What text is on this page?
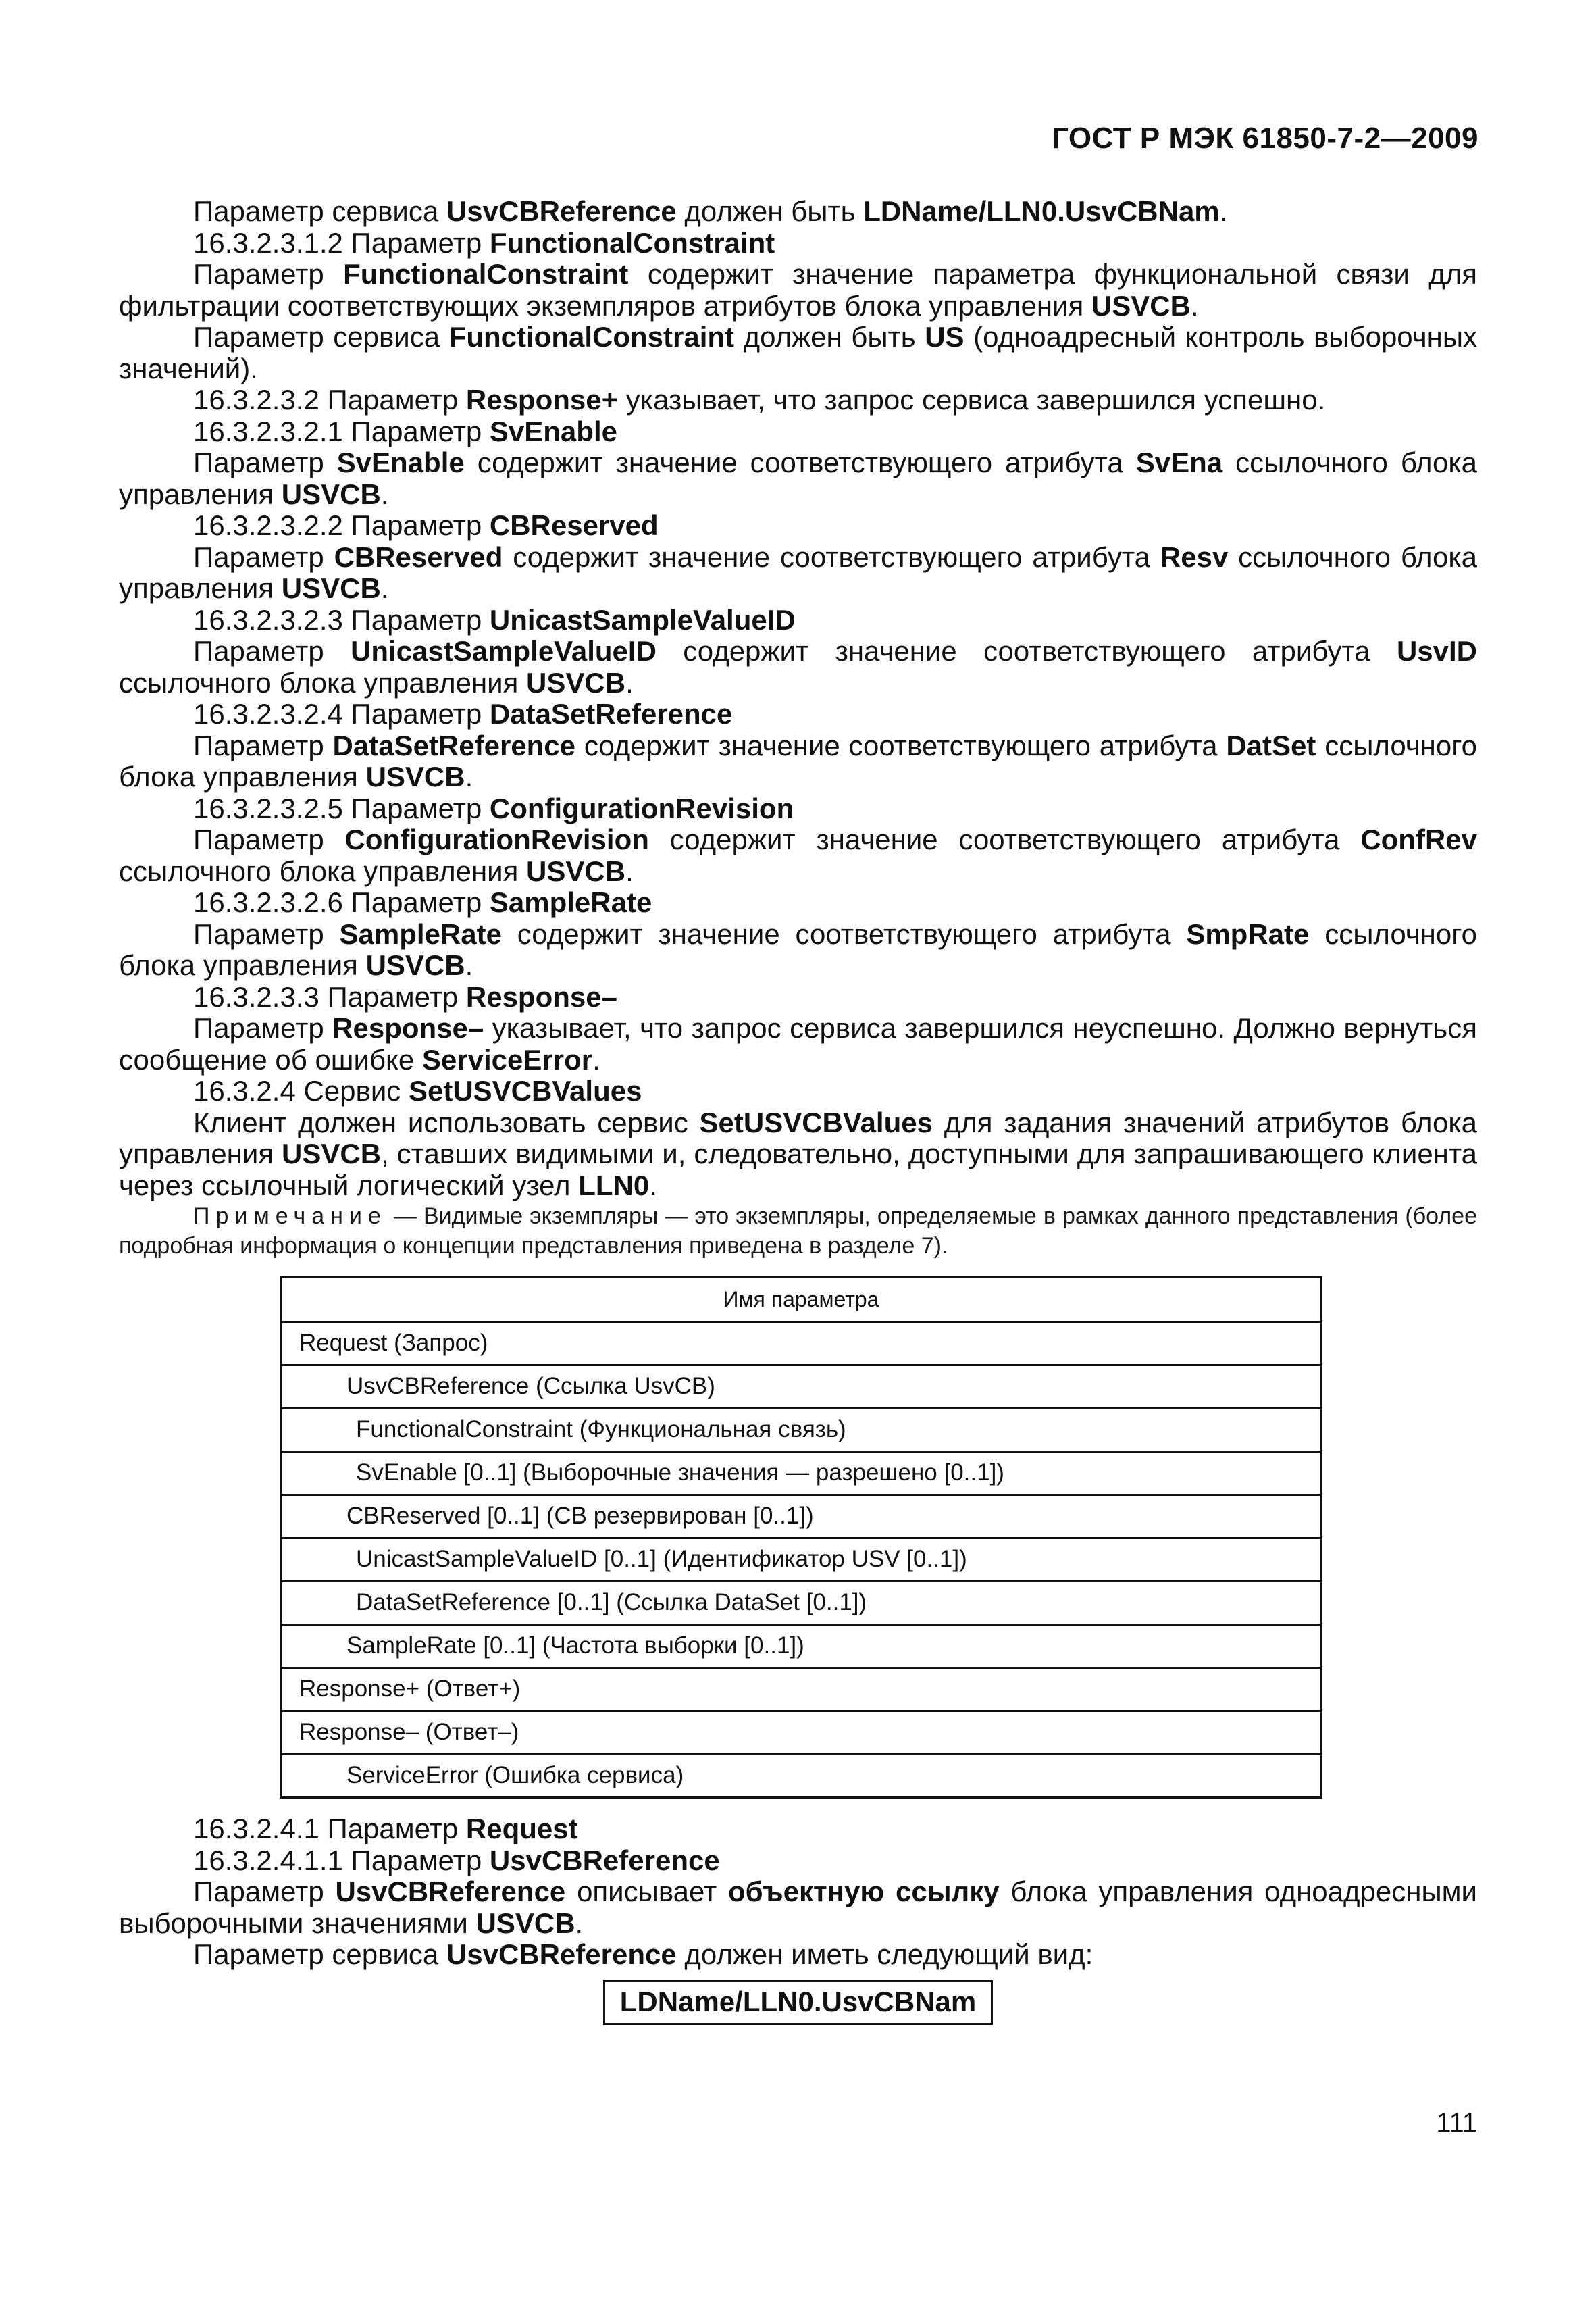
ГОСТ Р МЭК 61850-7-2—2009

Параметр сервиса UsvCBReference должен быть LDName/LLN0.UsvCBNam.

16.3.2.3.1.2 Параметр FunctionalConstraint

Параметр FunctionalConstraint содержит значение параметра функциональной связи для фильтрации соответствующих экземпляров атрибутов блока управления USVCB.

Параметр сервиса FunctionalConstraint должен быть US (одноадресный контроль выборочных значений).

16.3.2.3.2 Параметр Response+ указывает, что запрос сервиса завершился успешно.

16.3.2.3.2.1 Параметр SvEnable

Параметр SvEnable содержит значение соответствующего атрибута SvEna ссылочного блока управления USVCB.

16.3.2.3.2.2 Параметр CBReserved

Параметр CBReserved содержит значение соответствующего атрибута Resv ссылочного блока управления USVCB.

16.3.2.3.2.3 Параметр UnicastSampleValueID

Параметр UnicastSampleValueID содержит значение соответствующего атрибута UsvID ссылочного блока управления USVCB.

16.3.2.3.2.4 Параметр DataSetReference

Параметр DataSetReference содержит значение соответствующего атрибута DatSet ссылочного блока управления USVCB.

16.3.2.3.2.5 Параметр ConfigurationRevision

Параметр ConfigurationRevision содержит значение соответствующего атрибута ConfRev ссылочного блока управления USVCB.

16.3.2.3.2.6 Параметр SampleRate

Параметр SampleRate содержит значение соответствующего атрибута SmpRate ссылочного блока управления USVCB.

16.3.2.3.3 Параметр Response–

Параметр Response– указывает, что запрос сервиса завершился неуспешно. Должно вернуться сообщение об ошибке ServiceError.

16.3.2.4 Сервис SetUSVCBValues

Клиент должен использовать сервис SetUSVCBValues для задания значений атрибутов блока управления USVCB, ставших видимыми и, следовательно, доступными для запрашивающего клиента через ссылочный логический узел LLN0.

Примечание — Видимые экземпляры — это экземпляры, определяемые в рамках данного представления (более подробная информация о концепции представления приведена в разделе 7).

Имя параметра
Request (Запрос)
UsvCBReference (Ссылка UsvCB)
FunctionalConstraint (Функциональная связь)
SvEnable [0..1] (Выборочные значения — разрешено [0..1])
CBReserved [0..1] (CB резервирован [0..1])
UnicastSampleValueID [0..1] (Идентификатор USV [0..1])
DataSetReference [0..1] (Ссылка DataSet [0..1])
SampleRate [0..1] (Частота выборки [0..1])
Response+ (Ответ+)
Response– (Ответ–)
ServiceError (Ошибка сервиса)

16.3.2.4.1 Параметр Request

16.3.2.4.1.1 Параметр UsvCBReference

Параметр UsvCBReference описывает объектную ссылку блока управления одноадресными выборочными значениями USVCB.

Параметр сервиса UsvCBReference должен иметь следующий вид:

LDName/LLN0.UsvCBNam
111
